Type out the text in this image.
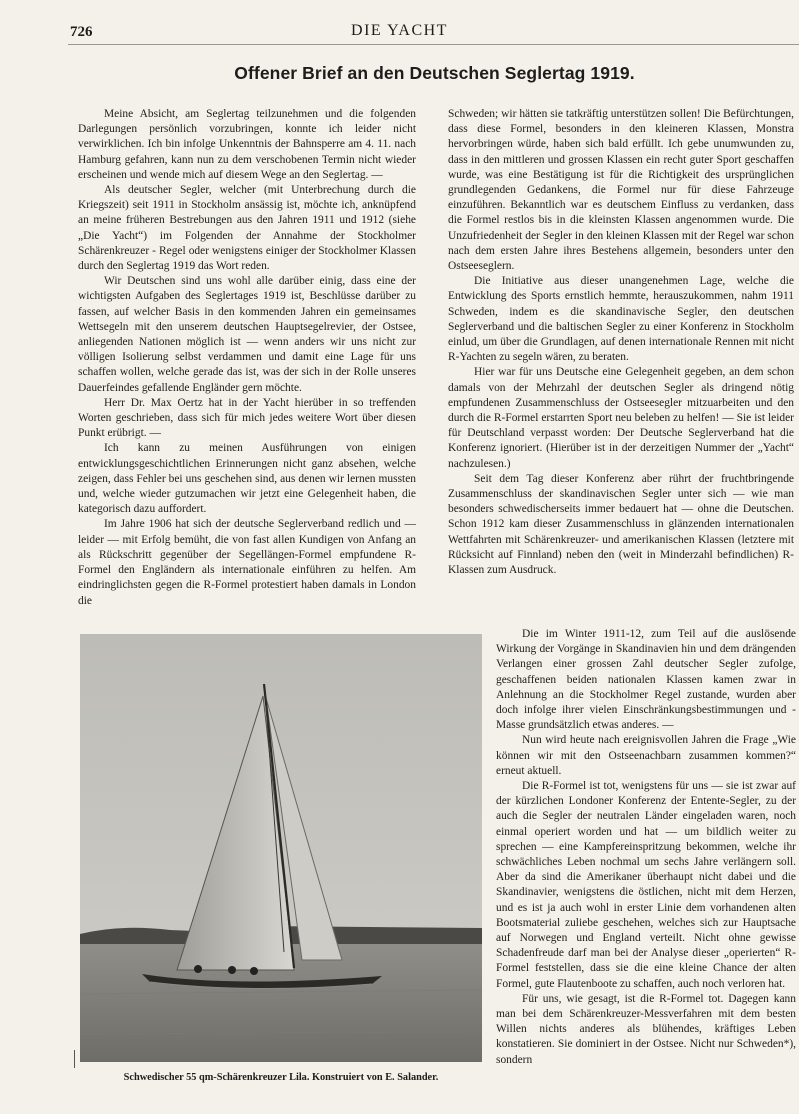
726	DIE YACHT
Offener Brief an den Deutschen Seglertag 1919.

Meine Absicht, am Seglertag teilzunehmen und die folgenden Darlegungen persönlich vorzubringen, konnte ich leider nicht verwirklichen. Ich bin infolge Unkenntnis der Bahnsperre am 4. 11. nach Hamburg gefahren, kann nun zu dem verschobenen Termin nicht wieder erscheinen und wende mich auf diesem Wege an den Seglertag. —

Als deutscher Segler, welcher (mit Unterbrechung durch die Kriegszeit) seit 1911 in Stockholm ansässig ist, möchte ich, anknüpfend an meine früheren Bestrebungen aus den Jahren 1911 und 1912 (siehe „Die Yacht“) im Folgenden der Annahme der Stockholmer Schärenkreuzer - Regel oder wenigstens einiger der Stockholmer Klassen durch den Seglertag 1919 das Wort reden.

Wir Deutschen sind uns wohl alle darüber einig, dass eine der wichtigsten Aufgaben des Seglertages 1919 ist, Beschlüsse darüber zu fassen, auf welcher Basis in den kommenden Jahren ein gemeinsames Wettsegeln mit den unserem deutschen Hauptsegelrevier, der Ostsee, anliegenden Nationen möglich ist — wenn anders wir uns nicht zur völligen Isolierung selbst verdammen und damit eine Lage für uns schaffen wollen, welche gerade das ist, was der sich in der Rolle unseres Dauerfeindes gefallende Engländer gern möchte.

Herr Dr. Max Oertz hat in der Yacht hierüber in so treffenden Worten geschrieben, dass sich für mich jedes weitere Wort über diesen Punkt erübrigt. —

Ich kann zu meinen Ausführungen von einigen entwicklungsgeschichtlichen Erinnerungen nicht ganz absehen, welche zeigen, dass Fehler bei uns geschehen sind, aus denen wir lernen mussten und, welche wieder gutzumachen wir jetzt eine Gelegenheit haben, die kategorisch dazu auffordert.

Im Jahre 1906 hat sich der deutsche Seglerverband redlich und — leider — mit Erfolg bemüht, die von fast allen Kundigen von Anfang an als Rückschritt gegenüber der Segellängen-Formel empfundene R-Formel den Engländern als internationale einführen zu helfen. Am eindringlichsten gegen die R-Formel protestiert haben damals in London die

Schweden; wir hätten sie tatkräftig unterstützen sollen! Die Befürchtungen, dass diese Formel, besonders in den kleineren Klassen, Monstra hervorbringen würde, haben sich bald erfüllt. Ich gebe unumwunden zu, dass in den mittleren und grossen Klassen ein recht guter Sport geschaffen wurde, was eine Bestätigung ist für die Richtigkeit des ursprünglichen grundlegenden Gedankens, die Formel nur für diese Fahrzeuge einzuführen. Bekanntlich war es deutschem Einfluss zu verdanken, dass die Formel restlos bis in die kleinsten Klassen angenommen wurde. Die Unzufriedenheit der Segler in den kleinen Klassen mit der Regel war schon nach dem ersten Jahre ihres Bestehens allgemein, besonders unter den Ostseeseglern.

Die Initiative aus dieser unangenehmen Lage, welche die Entwicklung des Sports ernstlich hemmte, herauszukommen, nahm 1911 Schweden, indem es die skandinavische Segler, den deutschen Seglerverband und die baltischen Segler zu einer Konferenz in Stockholm einlud, um über die Grundlagen, auf denen internationale Rennen mit nicht R-Yachten zu segeln wären, zu beraten.

Hier war für uns Deutsche eine Gelegenheit gegeben, an dem schon damals von der Mehrzahl der deutschen Segler als dringend nötig empfundenen Zusammenschluss der Ostseesegler mitzuarbeiten und den durch die R-Formel erstarrten Sport neu beleben zu helfen! — Sie ist leider für Deutschland verpasst worden: Der Deutsche Seglerverband hat die Konferenz ignoriert. (Hierüber ist in der derzeitigen Nummer der „Yacht“ nachzulesen.)

Seit dem Tag dieser Konferenz aber rührt der fruchtbringende Zusammenschluss der skandinavischen Segler unter sich — wie man besonders schwedischerseits immer bedauert hat — ohne die Deutschen. Schon 1912 kam dieser Zusammenschluss in glänzenden internationalen Wettfahrten mit Schärenkreuzer- und amerikanischen Klassen (letztere mit Rücksicht auf Finnland) neben den (weit in Minderzahl befindlichen) R-Klassen zum Ausdruck.

Die im Winter 1911-12, zum Teil auf die auslösende Wirkung der Vorgänge in Skandinavien hin und dem drängenden Verlangen einer grossen Zahl deutscher Segler zufolge, geschaffenen beiden nationalen Klassen kamen zwar in Anlehnung an die Stockholmer Regel zustande, wurden aber doch infolge ihrer vielen Einschränkungsbestimmungen und -Masse grundsätzlich etwas anderes. —

Nun wird heute nach ereignisvollen Jahren die Frage „Wie können wir mit den Ostseenachbarn zusammen kommen?“ erneut aktuell.

Die R-Formel ist tot, wenigstens für uns — sie ist zwar auf der kürzlichen Londoner Konferenz der Entente-Segler, zu der auch die Segler der neutralen Länder eingeladen waren, noch einmal operiert worden und hat — um bildlich weiter zu sprechen — eine Kampfereinspritzung bekommen, welche ihr schwächliches Leben nochmal um sechs Jahre verlängern soll. Aber da sind die Amerikaner überhaupt nicht dabei und die Skandinavier, wenigstens die östlichen, nicht mit dem Herzen, und es ist ja auch wohl in erster Linie dem vorhandenen alten Bootsmaterial zuliebe geschehen, welches sich zur Hauptsache auf Norwegen und England verteilt. Nicht ohne gewisse Schadenfreude darf man bei der Analyse dieser „operierten“ R-Formel feststellen, dass sie die eine kleine Chance der alten Formel, gute Flautenboote zu schaffen, auch noch verloren hat.

Für uns, wie gesagt, ist die R-Formel tot. Dagegen kann man bei dem Schärenkreuzer-Messverfahren mit dem besten Willen nichts anderes als blühendes, kräftiges Leben konstatieren. Sie dominiert in der Ostsee. Nicht nur Schweden*), sondern

Schwedischer 55 qm-Schärenkreuzer Lila. Konstruiert von E. Salander.
